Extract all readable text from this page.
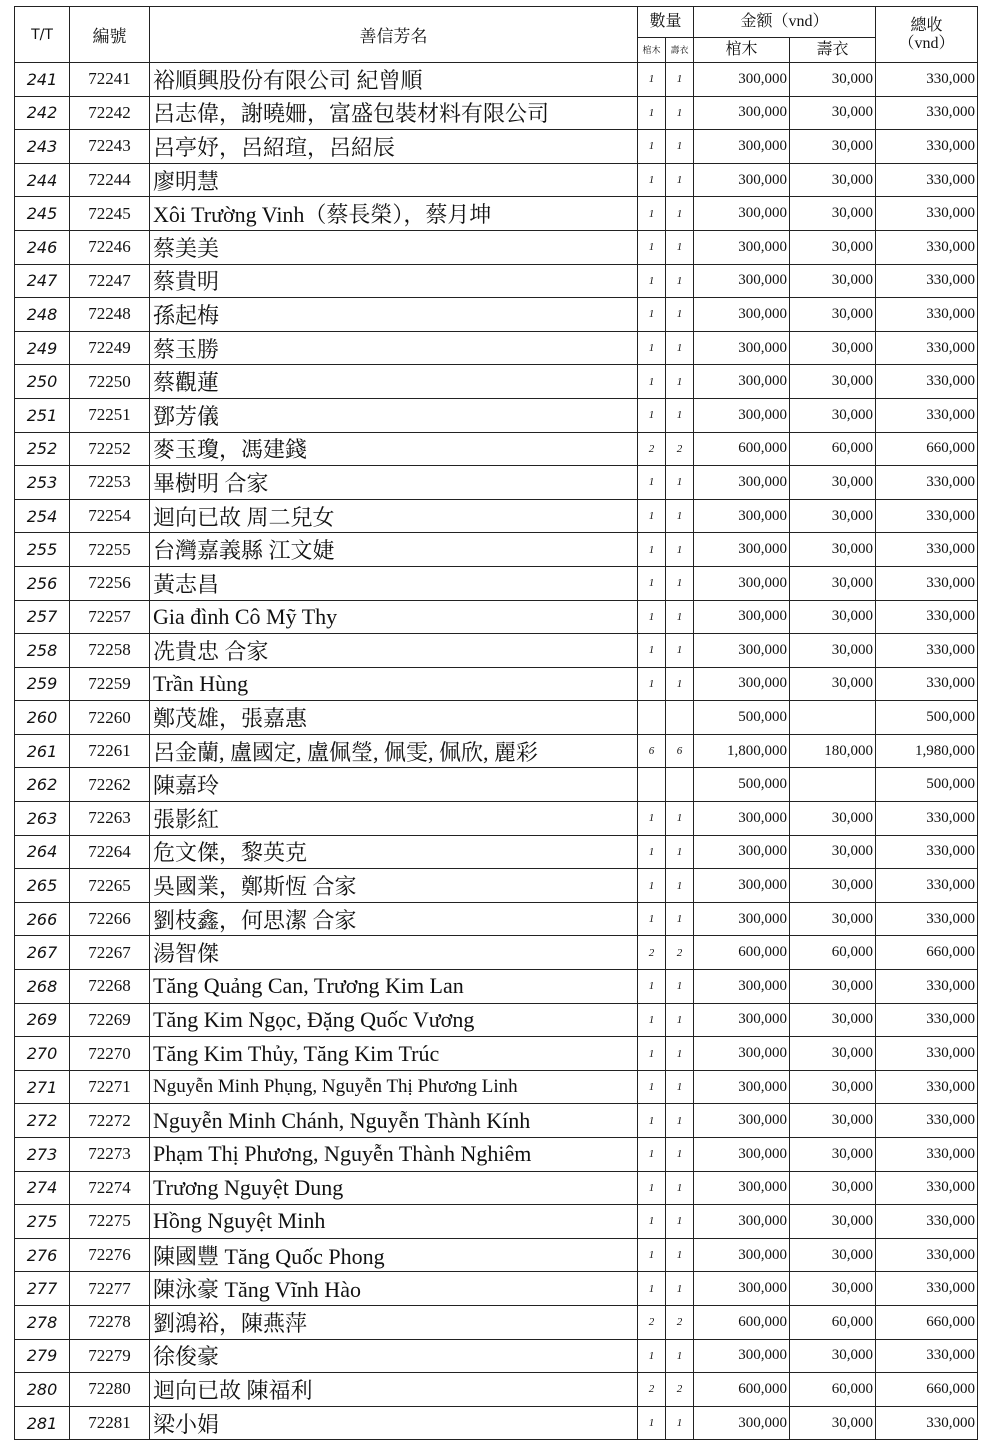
T/T	編號	善信芳名	數量		金额（vnd）		總收
（vnd）

			棺木	壽衣	棺木	壽衣	
241	72241	裕順興股份有限公司 紀曾順	1	1	300,000	30,000	330,000
242	72242	呂志偉，謝曉姍，富盛包裝材料有限公司	1	1	300,000	30,000	330,000
243	72243	呂亭妤，呂紹瑄，呂紹辰	1	1	300,000	30,000	330,000
244	72244	廖明慧	1	1	300,000	30,000	330,000
245	72245	Xôi Trường Vinh（蔡長榮），蔡月坤	1	1	300,000	30,000	330,000
246	72246	蔡美美	1	1	300,000	30,000	330,000
247	72247	蔡貴明	1	1	300,000	30,000	330,000
248	72248	孫起梅	1	1	300,000	30,000	330,000
249	72249	蔡玉勝	1	1	300,000	30,000	330,000
250	72250	蔡觀蓮	1	1	300,000	30,000	330,000
251	72251	鄧芳儀	1	1	300,000	30,000	330,000
252	72252	麥玉瓊，馮建錢	2	2	600,000	60,000	660,000
253	72253	畢樹明 合家	1	1	300,000	30,000	330,000
254	72254	迴向已故 周二兒女	1	1	300,000	30,000	330,000
255	72255	台灣嘉義縣 江文婕	1	1	300,000	30,000	330,000
256	72256	黃志昌	1	1	300,000	30,000	330,000
257	72257	Gia đình Cô Mỹ Thy	1	1	300,000	30,000	330,000
258	72258	冼貴忠 合家	1	1	300,000	30,000	330,000
259	72259	Trần Hùng	1	1	300,000	30,000	330,000
260	72260	鄭茂雄，張嘉惠			500,000		500,000
261	72261	呂金蘭, 盧國定, 盧佩瑩, 佩雯, 佩欣, 麗彩	6	6	1,800,000	180,000	1,980,000
262	72262	陳嘉玲			500,000		500,000
263	72263	張影紅	1	1	300,000	30,000	330,000
264	72264	危文傑，黎英克	1	1	300,000	30,000	330,000
265	72265	吳國業，鄭斯恆 合家	1	1	300,000	30,000	330,000
266	72266	劉枝鑫，何思潔 合家	1	1	300,000	30,000	330,000
267	72267	湯智傑	2	2	600,000	60,000	660,000
268	72268	Tăng Quảng Can, Trương Kim Lan	1	1	300,000	30,000	330,000
269	72269	Tăng Kim Ngọc, Đặng Quốc Vương	1	1	300,000	30,000	330,000
270	72270	Tăng Kim Thủy, Tăng Kim Trúc	1	1	300,000	30,000	330,000
271	72271	Nguyễn Minh Phụng, Nguyễn Thị Phương Linh	1	1	300,000	30,000	330,000
272	72272	Nguyễn Minh Chánh, Nguyễn Thành Kính	1	1	300,000	30,000	330,000
273	72273	Phạm Thị Phương, Nguyễn Thành Nghiêm	1	1	300,000	30,000	330,000
274	72274	Trương Nguyệt Dung	1	1	300,000	30,000	330,000
275	72275	Hồng Nguyệt Minh	1	1	300,000	30,000	330,000
276	72276	陳國豐 Tăng Quốc Phong	1	1	300,000	30,000	330,000
277	72277	陳泳豪 Tăng Vĩnh Hào	1	1	300,000	30,000	330,000
278	72278	劉鴻裕，陳燕萍	2	2	600,000	60,000	660,000
279	72279	徐俊豪	1	1	300,000	30,000	330,000
280	72280	迴向已故 陳福利	2	2	600,000	60,000	660,000
281	72281	梁小娟	1	1	300,000	30,000	330,000
